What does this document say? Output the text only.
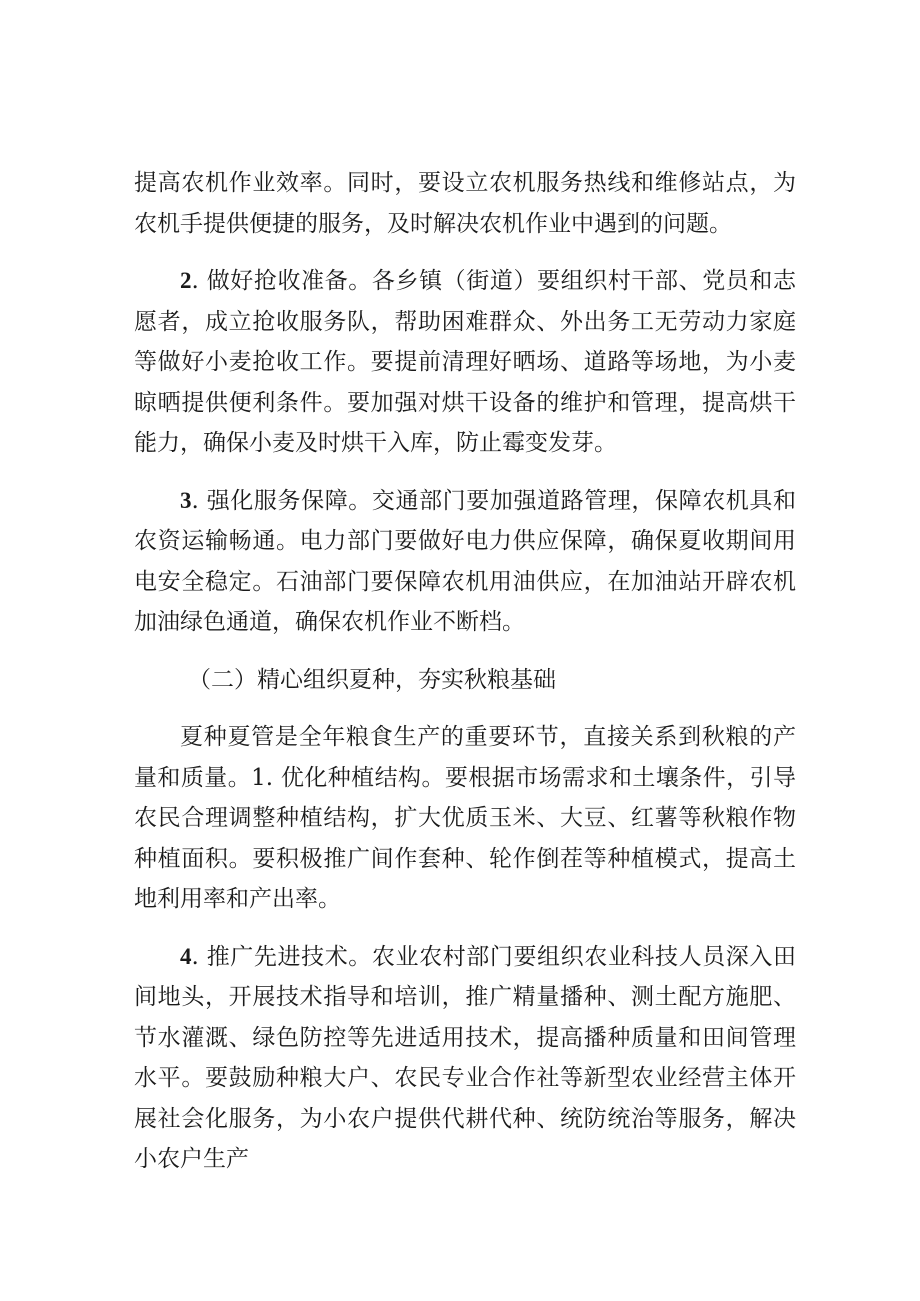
提高农机作业效率。同时，要设立农机服务热线和维修站点，为农机手提供便捷的服务，及时解决农机作业中遇到的问题。

2. 做好抢收准备。各乡镇（街道）要组织村干部、党员和志愿者，成立抢收服务队，帮助困难群众、外出务工无劳动力家庭等做好小麦抢收工作。要提前清理好晒场、道路等场地，为小麦晾晒提供便利条件。要加强对烘干设备的维护和管理，提高烘干能力，确保小麦及时烘干入库，防止霉变发芽。

3. 强化服务保障。交通部门要加强道路管理，保障农机具和农资运输畅通。电力部门要做好电力供应保障，确保夏收期间用电安全稳定。石油部门要保障农机用油供应，在加油站开辟农机加油绿色通道，确保农机作业不断档。

（二）精心组织夏种，夯实秋粮基础

夏种夏管是全年粮食生产的重要环节，直接关系到秋粮的产量和质量。1. 优化种植结构。要根据市场需求和土壤条件，引导农民合理调整种植结构，扩大优质玉米、大豆、红薯等秋粮作物种植面积。要积极推广间作套种、轮作倒茬等种植模式，提高土地利用率和产出率。

4. 推广先进技术。农业农村部门要组织农业科技人员深入田间地头，开展技术指导和培训，推广精量播种、测土配方施肥、节水灌溉、绿色防控等先进适用技术，提高播种质量和田间管理水平。要鼓励种粮大户、农民专业合作社等新型农业经营主体开展社会化服务，为小农户提供代耕代种、统防统治等服务，解决小农户生产
